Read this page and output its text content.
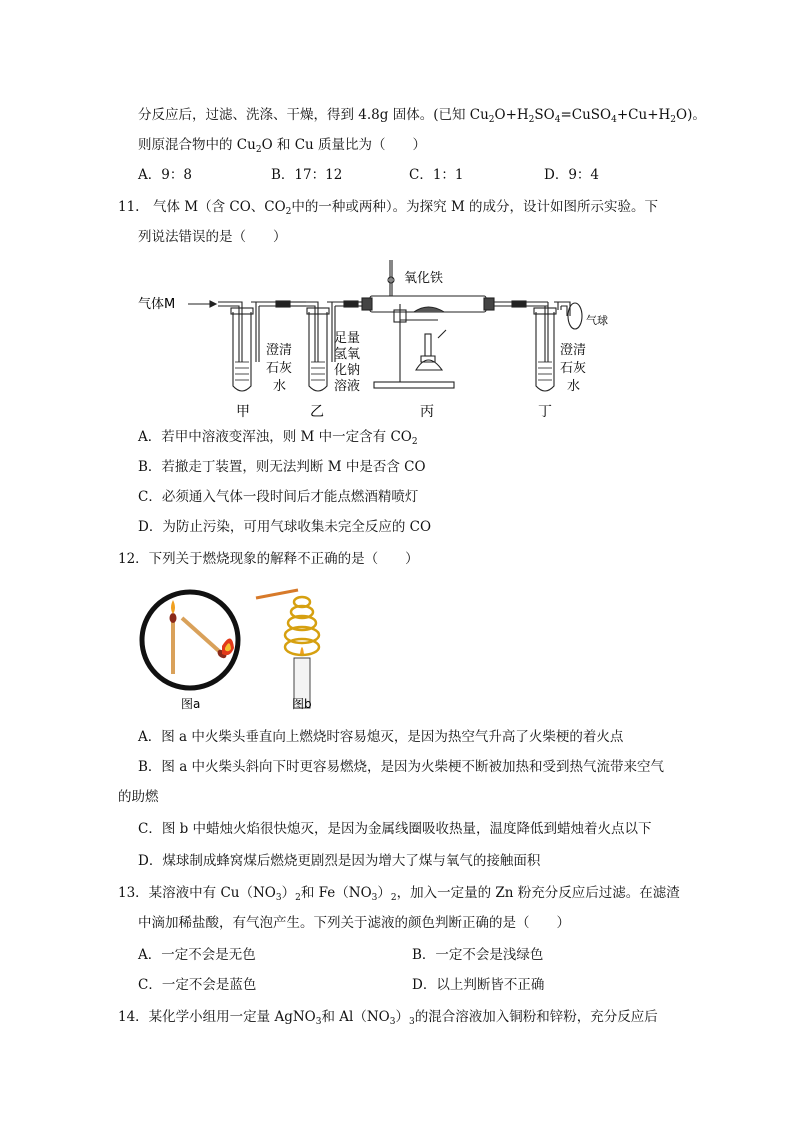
分反应后，过滤、洗涤、干燥，得到 4.8g 固体。(已知 $Cu_2O+H_2SO_4=CuSO_4+Cu+H_2O$)。
则原混合物中的 $Cu_2O$ 和 Cu 质量比为（　　）
A．9：8	B．17：12	C．1：1	D．9：4
11.　气体 M（含 CO、$CO_2$中的一种或两种）。为探究 M 的成分，设计如图所示实验。下
列说法错误的是（　　）
气体M
氧化铁
气球
澄清
石灰
水
足量
氢氧
化钠
溶液
澄清
石灰
水
甲	乙	丙	丁
A．若甲中溶液变浑浊，则 M 中一定含有 $CO_2$
B．若撤走丁装置，则无法判断 M 中是否含 CO
C．必须通入气体一段时间后才能点燃酒精喷灯
D．为防止污染，可用气球收集未完全反应的 CO
12．下列关于燃烧现象的解释不正确的是（　　）
图a	图b
A．图 a 中火柴头垂直向上燃烧时容易熄灭，是因为热空气升高了火柴梗的着火点
B．图 a 中火柴头斜向下时更容易燃烧，是因为火柴梗不断被加热和受到热气流带来空气
的助燃
C．图 b 中蜡烛火焰很快熄灭，是因为金属线圈吸收热量，温度降低到蜡烛着火点以下
D．煤球制成蜂窝煤后燃烧更剧烈是因为增大了煤与氧气的接触面积
13．某溶液中有 $Cu(NO_3)_2$和 $Fe(NO_3)_2$，加入一定量的 Zn 粉充分反应后过滤。在滤渣
中滴加稀盐酸，有气泡产生。下列关于滤液的颜色判断正确的是（　　）
A．一定不会是无色	B．一定不会是浅绿色
C．一定不会是蓝色	D．以上判断皆不正确
14．某化学小组用一定量 AgNO$_3$和 $Al(NO_3)_3$的混合溶液加入铜粉和锌粉，充分反应后
